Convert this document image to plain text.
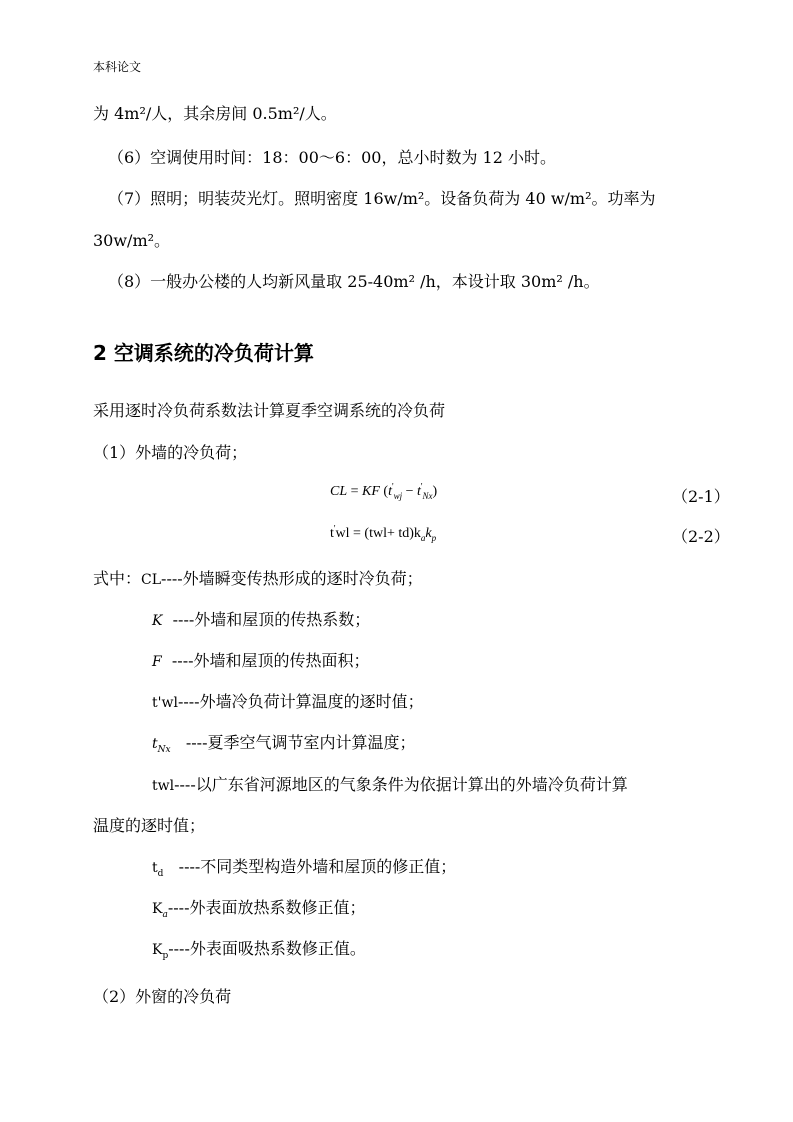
本科论文
为 4m²/人，其余房间 0.5m²/人。
（6）空调使用时间：18：00～6：00，总小时数为 12 小时。
（7）照明；明装荧光灯。照明密度 16w/m²。设备负荷为 40 w/m²。功率为
30w/m²。
（8）一般办公楼的人均新风量取 25-40m² /h，本设计取 30m² /h。
2 空调系统的冷负荷计算
采用逐时冷负荷系数法计算夏季空调系统的冷负荷
（1）外墙的冷负荷；
CL = KF $(t'_{wj} - t'_{Nx})$	（2-1）
$t'wl = (twl+ td)k_ak_p$	（2-2）
式中：CL----外墙瞬变传热形成的逐时冷负荷；
K ----外墙和屋顶的传热系数；
F ----外墙和屋顶的传热面积；
t'wl----外墙冷负荷计算温度的逐时值；
$t_{Nx}$ ----夏季空气调节室内计算温度；
twl----以广东省河源地区的气象条件为依据计算出的外墙冷负荷计算
温度的逐时值；
$t_d$ ----不同类型构造外墙和屋顶的修正值；
$K_a----$外表面放热系数修正值；
$K_p----$外表面吸热系数修正值。
（2）外窗的冷负荷
